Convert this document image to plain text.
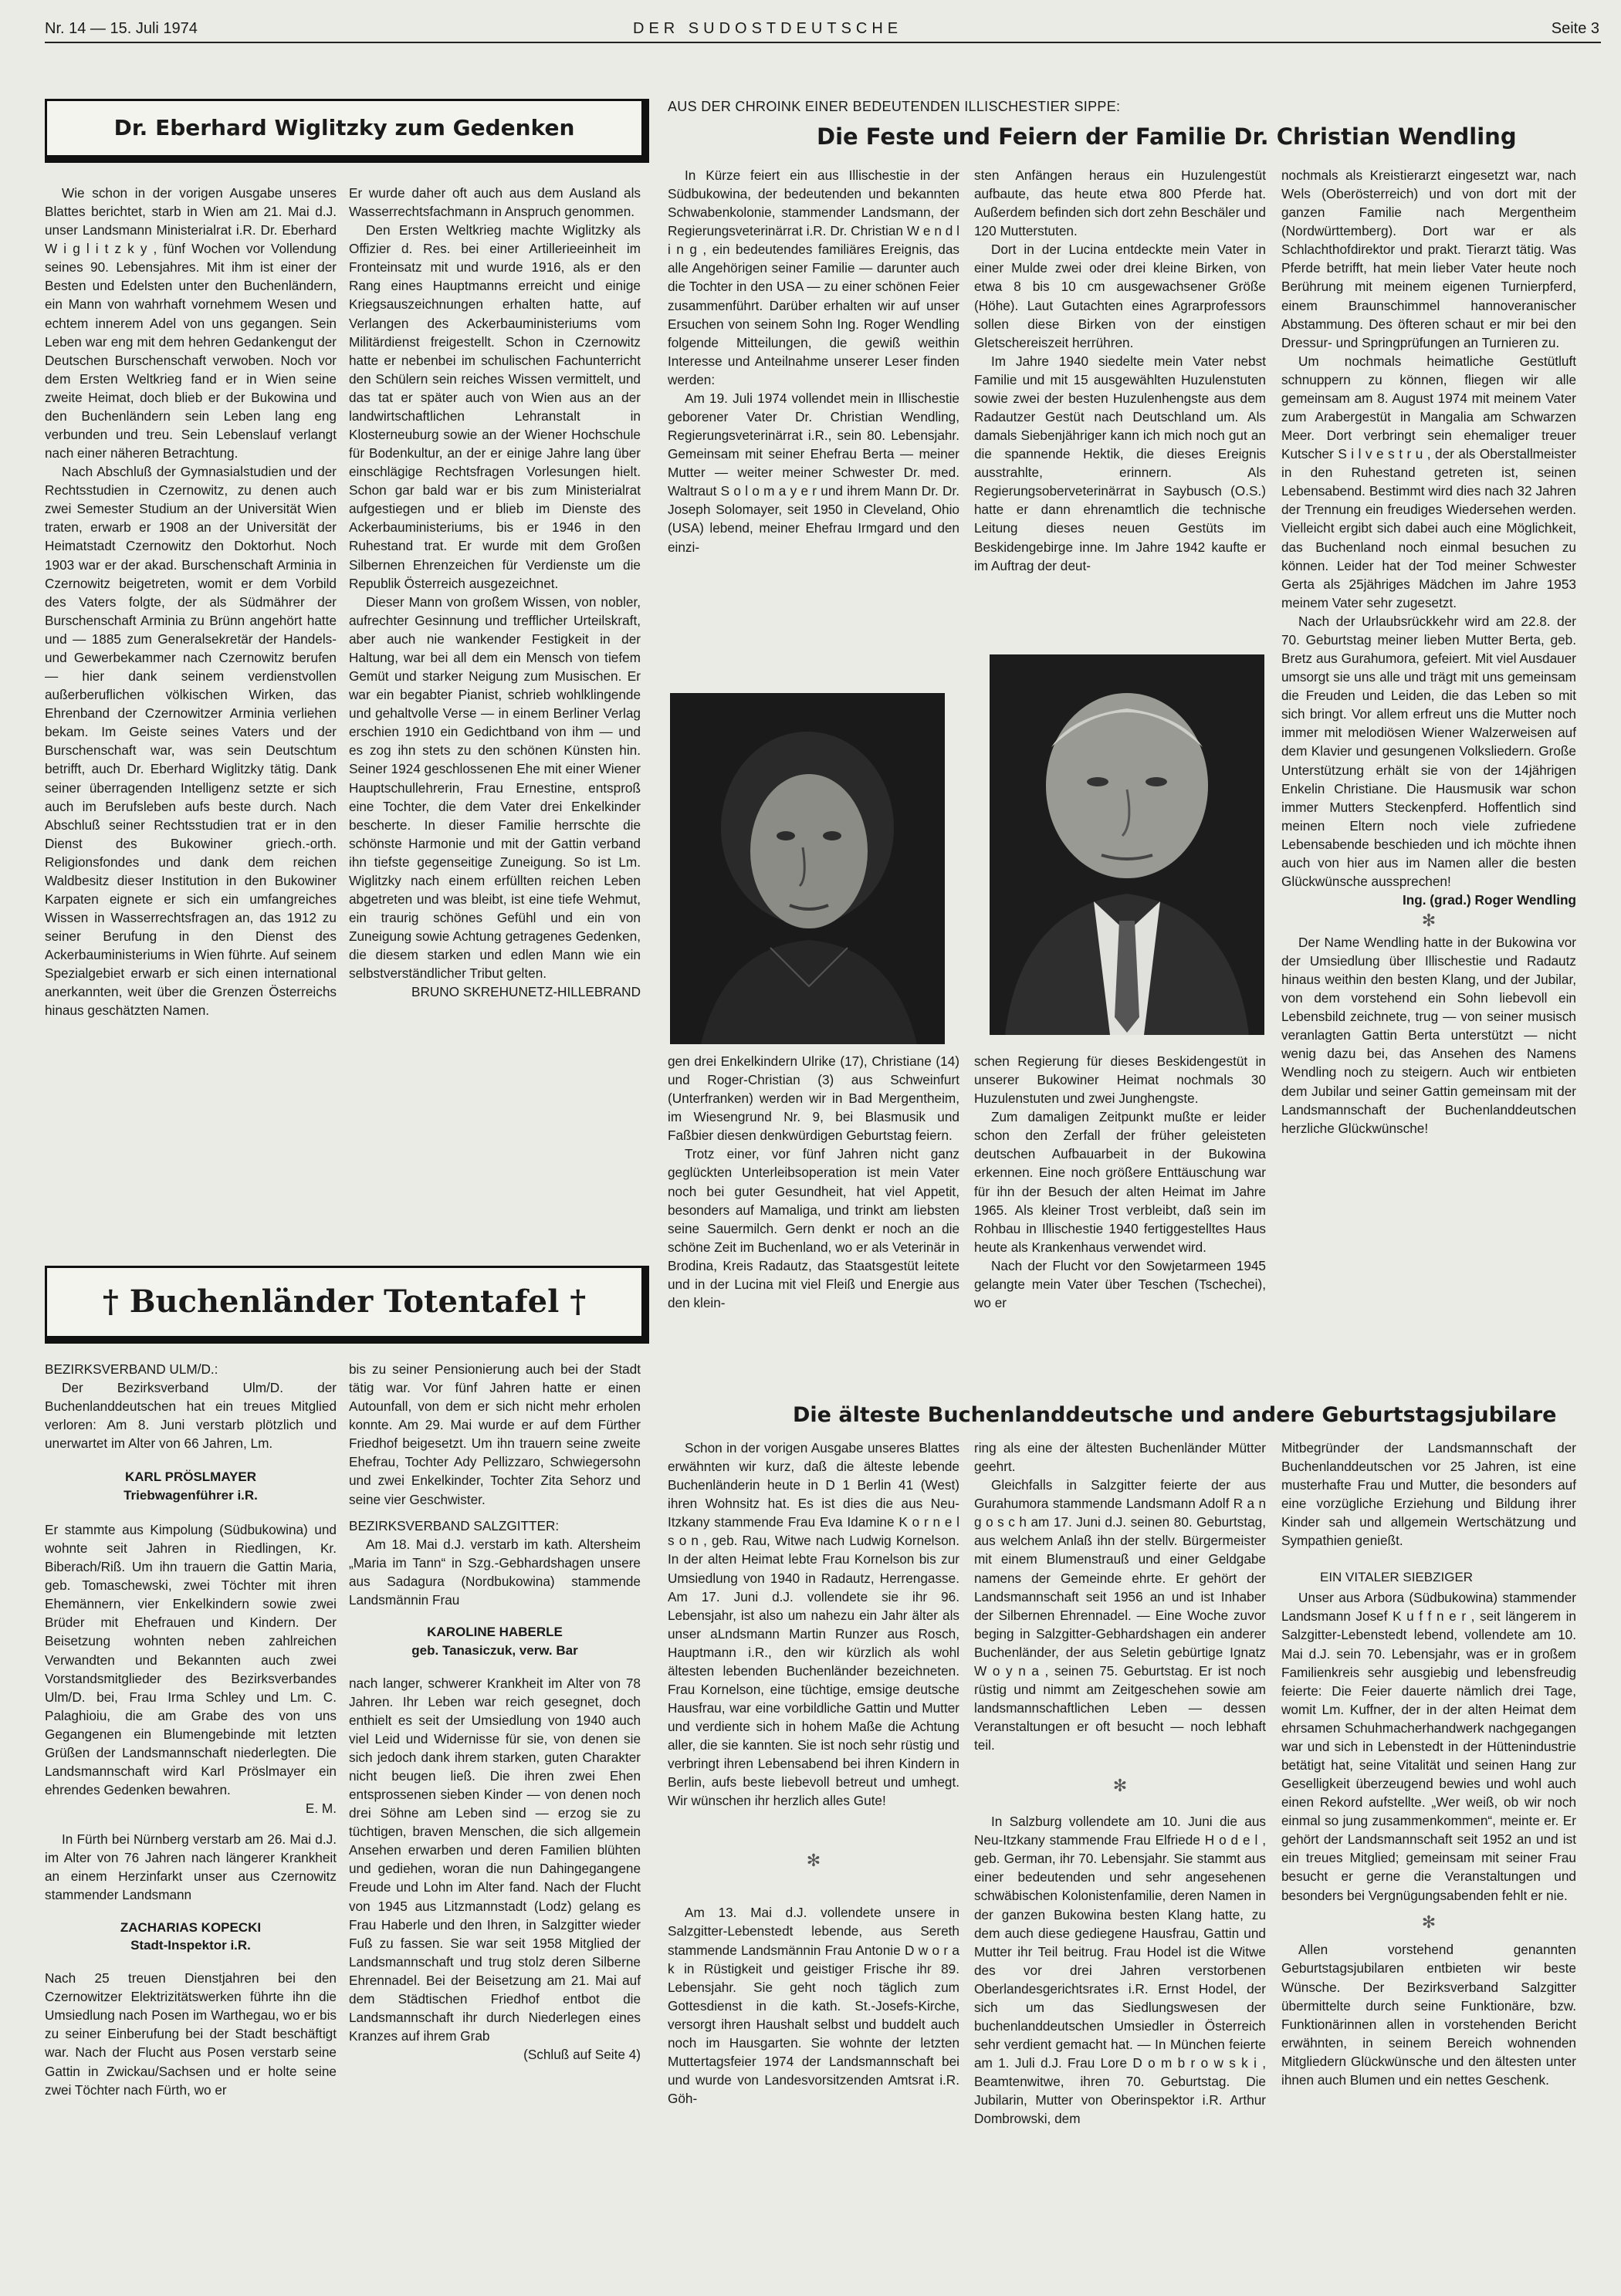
Nr. 14 — 15. Juli 1974	DER SUDOSTDEUTSCHE	Seite 3
Dr. Eberhard Wiglitzky zum Gedenken

Wie schon in der vorigen Ausgabe unseres Blattes berichtet, starb in Wien am 21. Mai d.J. unser Landsmann Ministerialrat i.R. Dr. Eberhard W i g l i t z k y , fünf Wochen vor Vollendung seines 90. Lebensjahres. Mit ihm ist einer der Besten und Edelsten unter den Buchenländern, ein Mann von wahrhaft vornehmem Wesen und echtem innerem Adel von uns gegangen. Sein Leben war eng mit dem hehren Gedankengut der Deutschen Burschenschaft verwoben. Noch vor dem Ersten Weltkrieg fand er in Wien seine zweite Heimat, doch blieb er der Bukowina und den Buchenländern sein Leben lang eng verbunden und treu. Sein Lebenslauf verlangt nach einer näheren Betrachtung.

Nach Abschluß der Gymnasialstudien und der Rechtsstudien in Czernowitz, zu denen auch zwei Semester Studium an der Universität Wien traten, erwarb er 1908 an der Universität der Heimatstadt Czernowitz den Doktorhut. Noch 1903 war er der akad. Burschenschaft Arminia in Czernowitz beigetreten, womit er dem Vorbild des Vaters folgte, der als Südmährer der Burschenschaft Arminia zu Brünn angehört hatte und — 1885 zum Generalsekretär der Handels- und Gewerbekammer nach Czernowitz berufen — hier dank seinem verdienstvollen außerberuflichen völkischen Wirken, das Ehrenband der Czernowitzer Arminia verliehen bekam. Im Geiste seines Vaters und der Burschenschaft war, was sein Deutschtum betrifft, auch Dr. Eberhard Wiglitzky tätig. Dank seiner überragenden Intelligenz setzte er sich auch im Berufsleben aufs beste durch. Nach Abschluß seiner Rechtsstudien trat er in den Dienst des Bukowiner griech.-orth. Religionsfondes und dank dem reichen Waldbesitz dieser Institution in den Bukowiner Karpaten eignete er sich ein umfangreiches Wissen in Wasserrechtsfragen an, das 1912 zu seiner Berufung in den Dienst des Ackerbauministeriums in Wien führte. Auf seinem Spezialgebiet erwarb er sich einen international anerkannten, weit über die Grenzen Österreichs hinaus geschätzten Namen.

Er wurde daher oft auch aus dem Ausland als Wasserrechtsfachmann in Anspruch genommen.

Den Ersten Weltkrieg machte Wiglitzky als Offizier d. Res. bei einer Artillerieeinheit im Fronteinsatz mit und wurde 1916, als er den Rang eines Hauptmanns erreicht und einige Kriegsauszeichnungen erhalten hatte, auf Verlangen des Ackerbauministeriums vom Militärdienst freigestellt. Schon in Czernowitz hatte er nebenbei im schulischen Fachunterricht den Schülern sein reiches Wissen vermittelt, und das tat er später auch von Wien aus an der landwirtschaftlichen Lehranstalt in Klosterneuburg sowie an der Wiener Hochschule für Bodenkultur, an der er einige Jahre lang über einschlägige Rechtsfragen Vorlesungen hielt. Schon gar bald war er bis zum Ministerialrat aufgestiegen und er blieb im Dienste des Ackerbauministeriums, bis er 1946 in den Ruhestand trat. Er wurde mit dem Großen Silbernen Ehrenzeichen für Verdienste um die Republik Österreich ausgezeichnet.

Dieser Mann von großem Wissen, von nobler, aufrechter Gesinnung und trefflicher Urteilskraft, aber auch nie wankender Festigkeit in der Haltung, war bei all dem ein Mensch von tiefem Gemüt und starker Neigung zum Musischen. Er war ein begabter Pianist, schrieb wohlklingende und gehaltvolle Verse — in einem Berliner Verlag erschien 1910 ein Gedichtband von ihm — und es zog ihn stets zu den schönen Künsten hin. Seiner 1924 geschlossenen Ehe mit einer Wiener Hauptschullehrerin, Frau Ernestine, entsproß eine Tochter, die dem Vater drei Enkelkinder bescherte. In dieser Familie herrschte die schönste Harmonie und mit der Gattin verband ihn tiefste gegenseitige Zuneigung. So ist Lm. Wiglitzky nach einem erfüllten reichen Leben abgetreten und was bleibt, ist eine tiefe Wehmut, ein traurig schönes Gefühl und ein von Zuneigung sowie Achtung getragenes Gedenken, die diesem starken und edlen Mann wie ein selbstverständlicher Tribut gelten.

BRUNO SKREHUNETZ-HILLEBRAND

† Buchenländer Totentafel †

BEZIRKSVERBAND ULM/D.:

Der Bezirksverband Ulm/D. der Buchenlanddeutschen hat ein treues Mitglied verloren: Am 8. Juni verstarb plötzlich und unerwartet im Alter von 66 Jahren, Lm.

KARL PRÖSLMAYER
Triebwagenführer i.R.

Er stammte aus Kimpolung (Südbukowina) und wohnte seit Jahren in Riedlingen, Kr. Biberach/Riß. Um ihn trauern die Gattin Maria, geb. Tomaschewski, zwei Töchter mit ihren Ehemännern, vier Enkelkindern sowie zwei Brüder mit Ehefrauen und Kindern. Der Beisetzung wohnten neben zahlreichen Verwandten und Bekannten auch zwei Vorstandsmitglieder des Bezirksverbandes Ulm/D. bei, Frau Irma Schley und Lm. C. Palaghioiu, die am Grabe des von uns Gegangenen ein Blumengebinde mit letzten Grüßen der Landsmannschaft niederlegten. Die Landsmannschaft wird Karl Pröslmayer ein ehrendes Gedenken bewahren.

E. M.

In Fürth bei Nürnberg verstarb am 26. Mai d.J. im Alter von 76 Jahren nach längerer Krankheit an einem Herzinfarkt unser aus Czernowitz stammender Landsmann

ZACHARIAS KOPECKI
Stadt-Inspektor i.R.

Nach 25 treuen Dienstjahren bei den Czernowitzer Elektrizitätswerken führte ihn die Umsiedlung nach Posen im Warthegau, wo er bis zu seiner Einberufung bei der Stadt beschäftigt war. Nach der Flucht aus Posen verstarb seine Gattin in Zwickau/Sachsen und er holte seine zwei Töchter nach Fürth, wo er

bis zu seiner Pensionierung auch bei der Stadt tätig war. Vor fünf Jahren hatte er einen Autounfall, von dem er sich nicht mehr erholen konnte. Am 29. Mai wurde er auf dem Fürther Friedhof beigesetzt. Um ihn trauern seine zweite Ehefrau, Tochter Ady Pellizzaro, Schwiegersohn und zwei Enkelkinder, Tochter Zita Sehorz und seine vier Geschwister.

BEZIRKSVERBAND SALZGITTER:

Am 18. Mai d.J. verstarb im kath. Altersheim „Maria im Tann“ in Szg.-Gebhardshagen unsere aus Sadagura (Nordbukowina) stammende Landsmännin Frau

KAROLINE HABERLE
geb. Tanasiczuk, verw. Bar

nach langer, schwerer Krankheit im Alter von 78 Jahren. Ihr Leben war reich gesegnet, doch enthielt es seit der Umsiedlung von 1940 auch viel Leid und Widernisse für sie, von denen sie sich jedoch dank ihrem starken, guten Charakter nicht beugen ließ. Die ihren zwei Ehen entsprossenen sieben Kinder — von denen noch drei Söhne am Leben sind — erzog sie zu tüchtigen, braven Menschen, die sich allgemein Ansehen erwarben und deren Familien blühten und gediehen, woran die nun Dahingegangene Freude und Lohn im Alter fand. Nach der Flucht von 1945 aus Litzmannstadt (Lodz) gelang es Frau Haberle und den Ihren, in Salzgitter wieder Fuß zu fassen. Sie war seit 1958 Mitglied der Landsmannschaft und trug stolz deren Silberne Ehrennadel. Bei der Beisetzung am 21. Mai auf dem Städtischen Friedhof entbot die Landsmannschaft ihr durch Niederlegen eines Kranzes auf ihrem Grab

(Schluß auf Seite 4)
AUS DER CHROINK EINER BEDEUTENDEN ILLISCHESTIER SIPPE:
Die Feste und Feiern der Familie Dr. Christian Wendling

In Kürze feiert ein aus Illischestie in der Südbukowina, der bedeutenden und bekannten Schwabenkolonie, stammender Landsmann, der Regierungsveterinärrat i.R. Dr. Christian W e n d l i n g , ein bedeutendes familiäres Ereignis, das alle Angehörigen seiner Familie — darunter auch die Tochter in den USA — zu einer schönen Feier zusammenführt. Darüber erhalten wir auf unser Ersuchen von seinem Sohn Ing. Roger Wendling folgende Mitteilungen, die gewiß weithin Interesse und Anteilnahme unserer Leser finden werden:

Am 19. Juli 1974 vollendet mein in Illischestie geborener Vater Dr. Christian Wendling, Regierungsveterinärrat i.R., sein 80. Lebensjahr. Gemeinsam mit seiner Ehefrau Berta — meiner Mutter — weiter meiner Schwester Dr. med. Waltraut S o l o m a y e r und ihrem Mann Dr. Dr. Joseph Solomayer, seit 1950 in Cleveland, Ohio (USA) lebend, meiner Ehefrau Irmgard und den einzi-

sten Anfängen heraus ein Huzulengestüt aufbaute, das heute etwa 800 Pferde hat. Außerdem befinden sich dort zehn Beschäler und 120 Mutterstuten.

Dort in der Lucina entdeckte mein Vater in einer Mulde zwei oder drei kleine Birken, von etwa 8 bis 10 cm ausgewachsener Größe (Höhe). Laut Gutachten eines Agrarprofessors sollen diese Birken von der einstigen Gletschereiszeit herrühren.

Im Jahre 1940 siedelte mein Vater nebst Familie und mit 15 ausgewählten Huzulenstuten sowie zwei der besten Huzulenhengste aus dem Radautzer Gestüt nach Deutschland um. Als damals Siebenjähriger kann ich mich noch gut an die spannende Hektik, die dieses Ereignis ausstrahlte, erinnern. Als Regierungsoberveterinärrat in Saybusch (O.S.) hatte er dann ehrenamtlich die technische Leitung dieses neuen Gestüts im Beskidengebirge inne. Im Jahre 1942 kaufte er im Auftrag der deut-

gen drei Enkelkindern Ulrike (17), Christiane (14) und Roger-Christian (3) aus Schweinfurt (Unterfranken) werden wir in Bad Mergentheim, im Wiesengrund Nr. 9, bei Blasmusik und Faßbier diesen denkwürdigen Geburtstag feiern.

Trotz einer, vor fünf Jahren nicht ganz geglückten Unterleibsoperation ist mein Vater noch bei guter Gesundheit, hat viel Appetit, besonders auf Mamaliga, und trinkt am liebsten seine Sauermilch. Gern denkt er noch an die schöne Zeit im Buchenland, wo er als Veterinär in Brodina, Kreis Radautz, das Staatsgestüt leitete und in der Lucina mit viel Fleiß und Energie aus den klein-

schen Regierung für dieses Beskidengestüt in unserer Bukowiner Heimat nochmals 30 Huzulenstuten und zwei Junghengste.

Zum damaligen Zeitpunkt mußte er leider schon den Zerfall der früher geleisteten deutschen Aufbauarbeit in der Bukowina erkennen. Eine noch größere Enttäuschung war für ihn der Besuch der alten Heimat im Jahre 1965. Als kleiner Trost verbleibt, daß sein im Rohbau in Illischestie 1940 fertiggestelltes Haus heute als Krankenhaus verwendet wird.

Nach der Flucht vor den Sowjetarmeen 1945 gelangte mein Vater über Teschen (Tschechei), wo er

nochmals als Kreistierarzt eingesetzt war, nach Wels (Oberösterreich) und von dort mit der ganzen Familie nach Mergentheim (Nordwürttemberg). Dort war er als Schlachthofdirektor und prakt. Tierarzt tätig. Was Pferde betrifft, hat mein lieber Vater heute noch Berührung mit meinem eigenen Turnierpferd, einem Braunschimmel hannoveranischer Abstammung. Des öfteren schaut er mir bei den Dressur- und Springprüfungen an Turnieren zu.

Um nochmals heimatliche Gestütluft schnuppern zu können, fliegen wir alle gemeinsam am 8. August 1974 mit meinem Vater zum Arabergestüt in Mangalia am Schwarzen Meer. Dort verbringt sein ehemaliger treuer Kutscher S i l v e s t r u , der als Oberstallmeister in den Ruhestand getreten ist, seinen Lebensabend. Bestimmt wird dies nach 32 Jahren der Trennung ein freudiges Wiedersehen werden. Vielleicht ergibt sich dabei auch eine Möglichkeit, das Buchenland noch einmal besuchen zu können. Leider hat der Tod meiner Schwester Gerta als 25jähriges Mädchen im Jahre 1953 meinem Vater sehr zugesetzt.

Nach der Urlaubsrückkehr wird am 22.8. der 70. Geburtstag meiner lieben Mutter Berta, geb. Bretz aus Gurahumora, gefeiert. Mit viel Ausdauer umsorgt sie uns alle und trägt mit uns gemeinsam die Freuden und Leiden, die das Leben so mit sich bringt. Vor allem erfreut uns die Mutter noch immer mit melodiösen Wiener Walzerweisen auf dem Klavier und gesungenen Volksliedern. Große Unterstützung erhält sie von der 14jährigen Enkelin Christiane. Die Hausmusik war schon immer Mutters Steckenpferd. Hoffentlich sind meinen Eltern noch viele zufriedene Lebensabende beschieden und ich möchte ihnen auch von hier aus im Namen aller die besten Glückwünsche aussprechen!

Ing. (grad.) Roger Wendling

✻

Der Name Wendling hatte in der Bukowina vor der Umsiedlung über Illischestie und Radautz hinaus weithin den besten Klang, und der Jubilar, von dem vorstehend ein Sohn liebevoll ein Lebensbild zeichnete, trug — von seiner musisch veranlagten Gattin Berta unterstützt — nicht wenig dazu bei, das Ansehen des Namens Wendling noch zu steigern. Auch wir entbieten dem Jubilar und seiner Gattin gemeinsam mit der Landsmannschaft der Buchenlanddeutschen herzliche Glückwünsche!

Die älteste Buchenlanddeutsche und andere Geburtstagsjubilare

Schon in der vorigen Ausgabe unseres Blattes erwähnten wir kurz, daß die älteste lebende Buchenländerin heute in D 1 Berlin 41 (West) ihren Wohnsitz hat. Es ist dies die aus Neu-Itzkany stammende Frau Eva Idamine K o r n e l s o n , geb. Rau, Witwe nach Ludwig Kornelson. In der alten Heimat lebte Frau Kornelson bis zur Umsiedlung von 1940 in Radautz, Herrengasse. Am 17. Juni d.J. vollendete sie ihr 96. Lebensjahr, ist also um nahezu ein Jahr älter als unser aLndsmann Martin Runzer aus Rosch, Hauptmann i.R., den wir kürzlich als wohl ältesten lebenden Buchenländer bezeichneten. Frau Kornelson, eine tüchtige, emsige deutsche Hausfrau, war eine vorbildliche Gattin und Mutter und verdiente sich in hohem Maße die Achtung aller, die sie kannten. Sie ist noch sehr rüstig und verbringt ihren Lebensabend bei ihren Kindern in Berlin, aufs beste liebevoll betreut und umhegt. Wir wünschen ihr herzlich alles Gute!

✻

Am 13. Mai d.J. vollendete unsere in Salzgitter-Lebenstedt lebende, aus Sereth stammende Landsmännin Frau Antonie D w o r a k in Rüstigkeit und geistiger Frische ihr 89. Lebensjahr. Sie geht noch täglich zum Gottesdienst in die kath. St.-Josefs-Kirche, versorgt ihren Haushalt selbst und buddelt auch noch im Hausgarten. Sie wohnte der letzten Muttertagsfeier 1974 der Landsmannschaft bei und wurde von Landesvorsitzenden Amtsrat i.R. Göh-

ring als eine der ältesten Buchenländer Mütter geehrt.

Gleichfalls in Salzgitter feierte der aus Gurahumora stammende Landsmann Adolf R a n g o s c h am 17. Juni d.J. seinen 80. Geburtstag, aus welchem Anlaß ihn der stellv. Bürgermeister mit einem Blumenstrauß und einer Geldgabe namens der Gemeinde ehrte. Er gehört der Landsmannschaft seit 1956 an und ist Inhaber der Silbernen Ehrennadel. — Eine Woche zuvor beging in Salzgitter-Gebhardshagen ein anderer Buchenländer, der aus Seletin gebürtige Ignatz W o y n a , seinen 75. Geburtstag. Er ist noch rüstig und nimmt am Zeitgeschehen sowie am landsmannschaftlichen Leben — dessen Veranstaltungen er oft besucht — noch lebhaft teil.

✻

In Salzburg vollendete am 10. Juni die aus Neu-Itzkany stammende Frau Elfriede H o d e l , geb. German, ihr 70. Lebensjahr. Sie stammt aus einer bedeutenden und sehr angesehenen schwäbischen Kolonistenfamilie, deren Namen in der ganzen Bukowina besten Klang hatte, zu dem auch diese gediegene Hausfrau, Gattin und Mutter ihr Teil beitrug. Frau Hodel ist die Witwe des vor drei Jahren verstorbenen Oberlandesgerichtsrates i.R. Ernst Hodel, der sich um das Siedlungswesen der buchenlanddeutschen Umsiedler in Österreich sehr verdient gemacht hat. — In München feierte am 1. Juli d.J. Frau Lore D o m b r o w s k i , Beamtenwitwe, ihren 70. Geburtstag. Die Jubilarin, Mutter von Oberinspektor i.R. Arthur Dombrowski, dem

Mitbegründer der Landsmannschaft der Buchenlanddeutschen vor 25 Jahren, ist eine musterhafte Frau und Mutter, die besonders auf eine vorzügliche Erziehung und Bildung ihrer Kinder sah und allgemein Wertschätzung und Sympathien genießt.

EIN VITALER SIEBZIGER

Unser aus Arbora (Südbukowina) stammender Landsmann Josef K u f f n e r , seit längerem in Salzgitter-Lebenstedt lebend, vollendete am 10. Mai d.J. sein 70. Lebensjahr, was er in großem Familienkreis sehr ausgiebig und lebensfreudig feierte: Die Feier dauerte nämlich drei Tage, womit Lm. Kuffner, der in der alten Heimat dem ehrsamen Schuhmacherhandwerk nachgegangen war und sich in Lebenstedt in der Hüttenindustrie betätigt hat, seine Vitalität und seinen Hang zur Geselligkeit überzeugend bewies und wohl auch einen Rekord aufstellte. „Wer weiß, ob wir noch einmal so jung zusammenkommen“, meinte er. Er gehört der Landsmannschaft seit 1952 an und ist ein treues Mitglied; gemeinsam mit seiner Frau besucht er gerne die Veranstaltungen und besonders bei Vergnügungsabenden fehlt er nie.

✻

Allen vorstehend genannten Geburtstagsjubilaren entbieten wir beste Wünsche. Der Bezirksverband Salzgitter übermittelte durch seine Funktionäre, bzw. Funktionärinnen allen in vorstehenden Bericht erwähnten, in seinem Bereich wohnenden Mitgliedern Glückwünsche und den ältesten unter ihnen auch Blumen und ein nettes Geschenk.
